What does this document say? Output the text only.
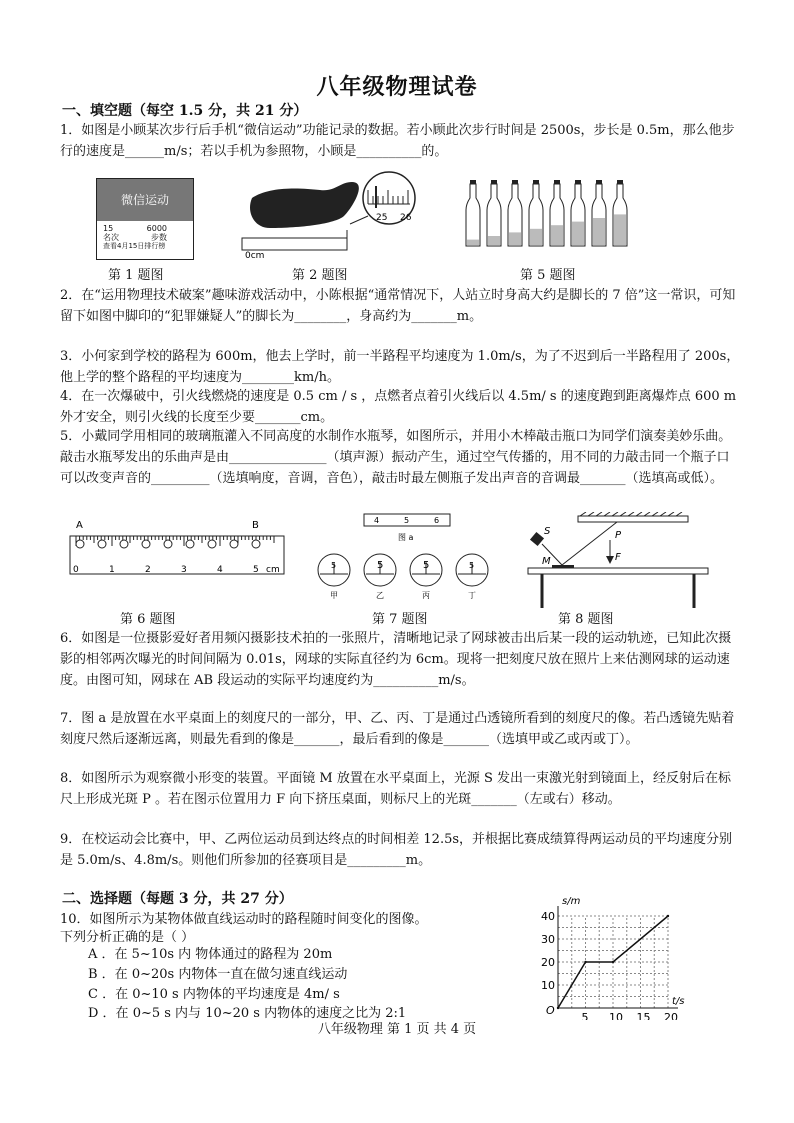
八年级物理试卷
一、填空题（每空 1.5 分，共 21 分）
1．如图是小顾某次步行后手机“微信运动”功能记录的数据。若小顾此次步行时间是 2500s，步长是 0.5m，那么他步行的速度是______m/s；若以手机为参照物，小顾是__________的。
微信运动
15	6000
名次	步数
查看4月15日排行榜
0cm
25 26
第 1 题图	第 2 题图	第 5 题图
2．在“运用物理技术破案”趣味游戏活动中，小陈根据“通常情况下，人站立时身高大约是脚长的 7 倍”这一常识，可知留下如图中脚印的“犯罪嫌疑人”的脚长为________，身高约为_______m。
3．小何家到学校的路程为 600m，他去上学时，前一半路程平均速度为 1.0m/s，为了不迟到后一半路程用了 200s，他上学的整个路程的平均速度为________km/h。
4．在一次爆破中，引火线燃烧的速度是 0.5 cm / s ，点燃者点着引火线后以 4.5m/ s 的速度跑到距离爆炸点 600 m 外才安全，则引火线的长度至少要_______cm。
5．小戴同学用相同的玻璃瓶灌入不同高度的水制作水瓶琴，如图所示，并用小木棒敲击瓶口为同学们演奏美妙乐曲。敲击水瓶琴发出的乐曲声是由_______________（填声源）振动产生，通过空气传播的，用不同的力敲击同一个瓶子口可以改变声音的_________（选填响度，音调，音色），敲击时最左侧瓶子发出声音的音调最_______（选填高或低）。
A	B
cm
0	1	2	3	4	5
图 a
4	5	6
5
甲
5
乙
5
丙
5
丁
P
S
M	F
第 6 题图	第 7 题图	第 8 题图
6．如图是一位摄影爱好者用频闪摄影技术拍的一张照片，清晰地记录了网球被击出后某一段的运动轨迹，已知此次摄影的相邻两次曝光的时间间隔为 0.01s，网球的实际直径约为 6cm。现将一把刻度尺放在照片上来估测网球的运动速度。由图可知，网球在 AB 段运动的实际平均速度约为__________m/s。
7．图 a 是放置在水平桌面上的刻度尺的一部分，甲、乙、丙、丁是通过凸透镜所看到的刻度尺的像。若凸透镜先贴着刻度尺然后逐渐远离，则最先看到的像是_______，最后看到的像是_______（选填甲或乙或丙或丁）。
8．如图所示为观察微小形变的装置。平面镜 M 放置在水平桌面上，光源 S 发出一束激光射到镜面上，经反射后在标尺上形成光斑 P 。若在图示位置用力 F 向下挤压桌面，则标尺上的光斑_______（左或右）移动。
9．在校运动会比赛中，甲、乙两位运动员到达终点的时间相差 12.5s，并根据比赛成绩算得两运动员的平均速度分别是 5.0m/s、4.8m/s。则他们所参加的径赛项目是_________m。
二、选择题（每题 3 分，共 27 分）
10．如图所示为某物体做直线运动时的路程随时间变化的图像。
下列分析正确的是（ ）
A ．在 5~10s 内 物体通过的路程为 20m
B ．在 0~20s 内物体一直在做匀速直线运动
C ．在 0~10 s 内物体的平均速度是 4m/ s
D ．在 0~5 s 内与 10~20 s 内物体的速度之比为 2:1
s/m
t/s
O
5 10 15 20
10
20
30
40
八年级物理 第 1 页 共 4 页
